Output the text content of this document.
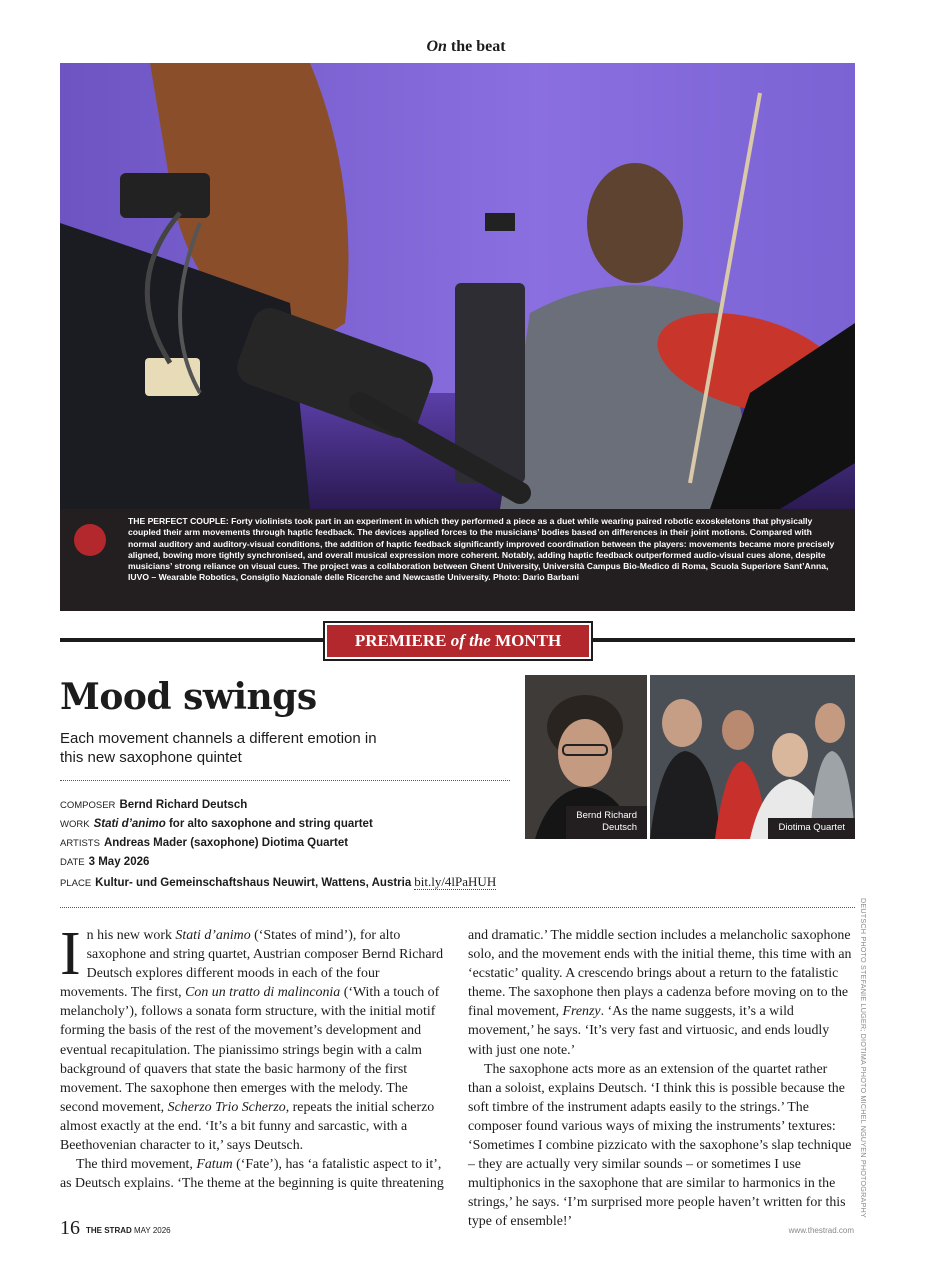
On the beat
THE PERFECT COUPLE: Forty violinists took part in an experiment in which they performed a piece as a duet while wearing paired robotic exoskeletons that physically coupled their arm movements through haptic feedback. The devices applied forces to the musicians’ bodies based on differences in their joint motions. Compared with normal auditory and auditory-visual conditions, the addition of haptic feedback significantly improved coordination between the players: movements became more precisely aligned, bowing more tightly synchronised, and overall musical expression more coherent. Notably, adding haptic feedback outperformed audio-visual cues alone, despite musicians’ strong reliance on visual cues. The project was a collaboration between Ghent University, Università Campus Bio-Medico di Roma, Scuola Superiore Sant’Anna, IUVO – Wearable Robotics, Consiglio Nazionale delle Ricerche and Newcastle University. Photo: Dario Barbani
PREMIERE of the MONTH
Mood swings
Each movement channels a different emotion in this new saxophone quintet
COMPOSER Bernd Richard Deutsch
WORK Stati d’animo for alto saxophone and string quartet
ARTISTS Andreas Mader (saxophone) Diotima Quartet
DATE 3 May 2026
PLACE Kultur- und Gemeinschaftshaus Neuwirt, Wattens, Austria bit.ly/4lPaHUH
Bernd Richard
Deutsch	Diotima Quartet

In his new work Stati d’animo (‘States of mind’), for alto saxophone and string quartet, Austrian composer Bernd Richard Deutsch explores different moods in each of the four movements. The first, Con un tratto di malinconia (‘With a touch of melancholy’), follows a sonata form structure, with the initial motif forming the basis of the rest of the movement’s development and eventual recapitulation. The pianissimo strings begin with a calm background of quavers that state the basic harmony of the first movement. The saxophone then emerges with the melody. The second movement, Scherzo Trio Scherzo, repeats the initial scherzo almost exactly at the end. ‘It’s a bit funny and sarcastic, with a Beethovenian character to it,’ says Deutsch.

The third movement, Fatum (‘Fate’), has ‘a fatalistic aspect to it’, as Deutsch explains. ‘The theme at the beginning is quite threatening

and dramatic.’ The middle section includes a melancholic saxophone solo, and the movement ends with the initial theme, this time with an ‘ecstatic’ quality. A crescendo brings about a return to the fatalistic theme. The saxophone then plays a cadenza before moving on to the final movement, Frenzy. ‘As the name suggests, it’s a wild movement,’ he says. ‘It’s very fast and virtuosic, and ends loudly with just one note.’

The saxophone acts more as an extension of the quartet rather than a soloist, explains Deutsch. ‘I think this is possible because the soft timbre of the instrument adapts easily to the strings.’ The composer found various ways of mixing the instruments’ textures: ‘Sometimes I combine pizzicato with the saxophone’s slap technique – they are actually very similar sounds – or sometimes I use multiphonics in the saxophone that are similar to harmonics in the strings,’ he says. ‘I’m surprised more people haven’t written for this type of ensemble!’

DEUTSCH PHOTO STEFANIE LUGER; DIOTIMA PHOTO MICHEL NGUYEN PHOTOGRAPHY
16 THE STRAD MAY 2026	www.thestrad.com
